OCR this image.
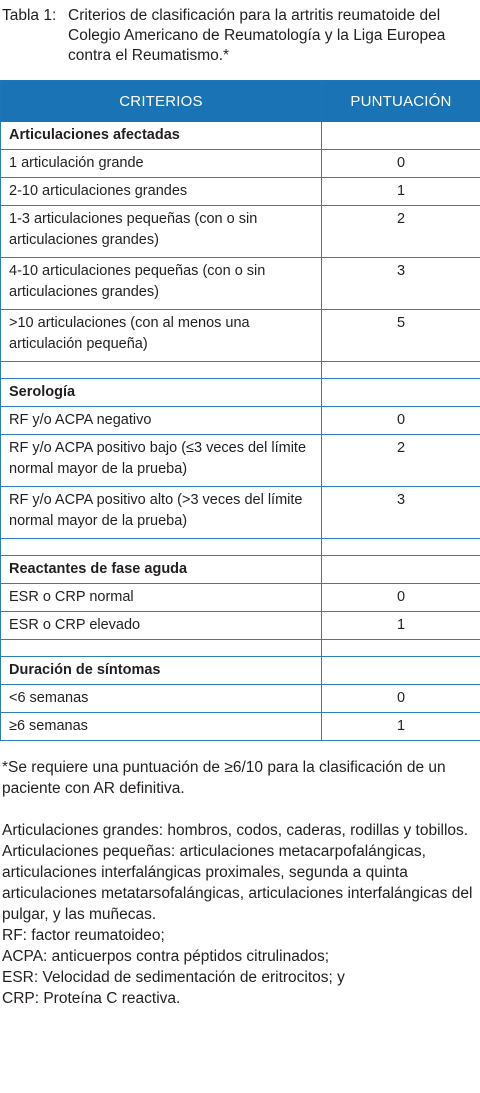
Tabla 1: Criterios de clasificación para la artritis reumatoide del Colegio Americano de Reumatología y la Liga Europea contra el Reumatismo.*
CRITERIOS	PUNTUACIÓN
Articulaciones afectadas	
1 articulación grande	0
2-10 articulaciones grandes	1
1-3 articulaciones pequeñas (con o sin articulaciones grandes)	2
4-10 articulaciones pequeñas (con o sin articulaciones grandes)	3
>10 articulaciones (con al menos una articulación pequeña)	5

Serología	
RF y/o ACPA negativo	0
RF y/o ACPA positivo bajo (≤3 veces del límite normal mayor de la prueba)	2
RF y/o ACPA positivo alto (>3 veces del límite normal mayor de la prueba)	3

Reactantes de fase aguda	
ESR o CRP normal	0
ESR o CRP elevado	1

Duración de síntomas	
<6 semanas	0
≥6 semanas	1

*Se requiere una puntuación de ≥6/10 para la clasificación de un paciente con AR definitiva.

Articulaciones grandes: hombros, codos, caderas, rodillas y tobillos.

Articulaciones pequeñas: articulaciones metacarpofalángicas, articulaciones interfalángicas proximales, segunda a quinta articulaciones metatarsofalángicas, articulaciones interfalángicas del pulgar, y las muñecas.

RF: factor reumatoideo;

ACPA: anticuerpos contra péptidos citrulinados;

ESR: Velocidad de sedimentación de eritrocitos; y

CRP: Proteína C reactiva.
